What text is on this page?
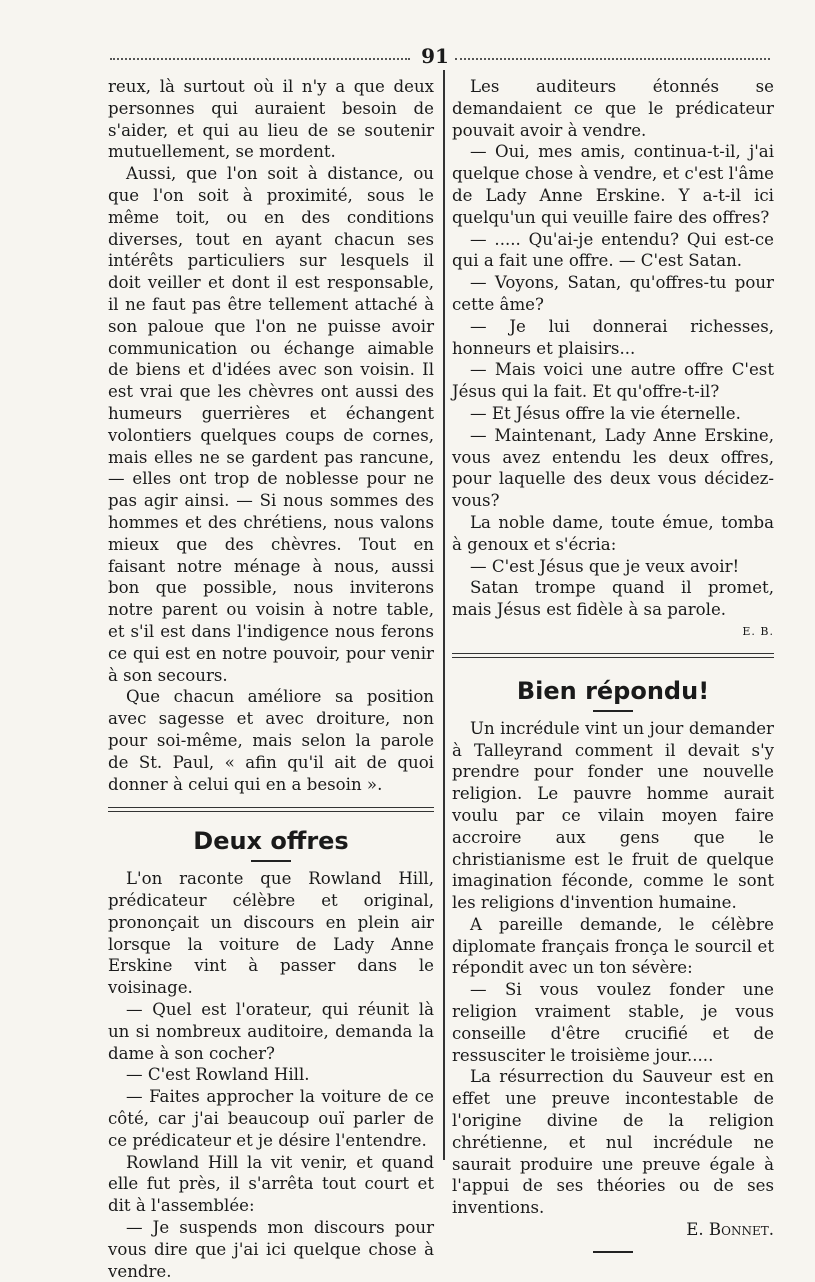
91

reux, là surtout où il n'y a que deux personnes qui auraient besoin de s'aider, et qui au lieu de se soutenir mutuellement, se mordent.

Aussi, que l'on soit à distance, ou que l'on soit à proximité, sous le même toit, ou en des conditions diverses, tout en ayant chacun ses intérêts particuliers sur lesquels il doit veiller et dont il est responsable, il ne faut pas être tellement attaché à son paloue que l'on ne puisse avoir communication ou échange aimable de biens et d'idées avec son voisin. Il est vrai que les chèvres ont aussi des humeurs guerrières et échangent volontiers quelques coups de cornes, mais elles ne se gardent pas rancune, — elles ont trop de noblesse pour ne pas agir ainsi. — Si nous sommes des hommes et des chrétiens, nous valons mieux que des chèvres. Tout en faisant notre ménage à nous, aussi bon que possible, nous inviterons notre parent ou voisin à notre table, et s'il est dans l'indigence nous ferons ce qui est en notre pouvoir, pour venir à son secours.

Que chacun améliore sa position avec sagesse et avec droiture, non pour soi-même, mais selon la parole de St. Paul, « afin qu'il ait de quoi donner à celui qui en a besoin ».

Deux offres

L'on raconte que Rowland Hill, prédicateur célèbre et original, prononçait un discours en plein air lorsque la voiture de Lady Anne Erskine vint à passer dans le voisinage.

— Quel est l'orateur, qui réunit là un si nombreux auditoire, demanda la dame à son cocher?

— C'est Rowland Hill.

— Faites approcher la voiture de ce côté, car j'ai beaucoup ouï parler de ce prédicateur et je désire l'entendre.

Rowland Hill la vit venir, et quand elle fut près, il s'arrêta tout court et dit à l'assemblée:

— Je suspends mon discours pour vous dire que j'ai ici quelque chose à vendre.

Les auditeurs étonnés se demandaient ce que le prédicateur pouvait avoir à vendre.

— Oui, mes amis, continua-t-il, j'ai quelque chose à vendre, et c'est l'âme de Lady Anne Erskine. Y a-t-il ici quelqu'un qui veuille faire des offres?

— ..... Qu'ai-je entendu? Qui est-ce qui a fait une offre. — C'est Satan.

— Voyons, Satan, qu'offres-tu pour cette âme?

— Je lui donnerai richesses, honneurs et plaisirs...

— Mais voici une autre offre C'est Jésus qui la fait. Et qu'offre-t-il?

— Et Jésus offre la vie éternelle.

— Maintenant, Lady Anne Erskine, vous avez entendu les deux offres, pour laquelle des deux vous décidez-vous?

La noble dame, toute émue, tomba à genoux et s'écria:

— C'est Jésus que je veux avoir!

Satan trompe quand il promet, mais Jésus est fidèle à sa parole.

E. B.

Bien répondu!

Un incrédule vint un jour demander à Talleyrand comment il devait s'y prendre pour fonder une nouvelle religion. Le pauvre homme aurait voulu par ce vilain moyen faire accroire aux gens que le christianisme est le fruit de quelque imagination féconde, comme le sont les religions d'invention humaine.

A pareille demande, le célèbre diplomate français fronça le sourcil et répondit avec un ton sévère:

— Si vous voulez fonder une religion vraiment stable, je vous conseille d'être crucifié et de ressusciter le troisième jour.....

La résurrection du Sauveur est en effet une preuve incontestable de l'origine divine de la religion chrétienne, et nul incrédule ne saurait produire une preuve égale à l'appui de ses théories ou de ses inventions.

E. Bonnet.
